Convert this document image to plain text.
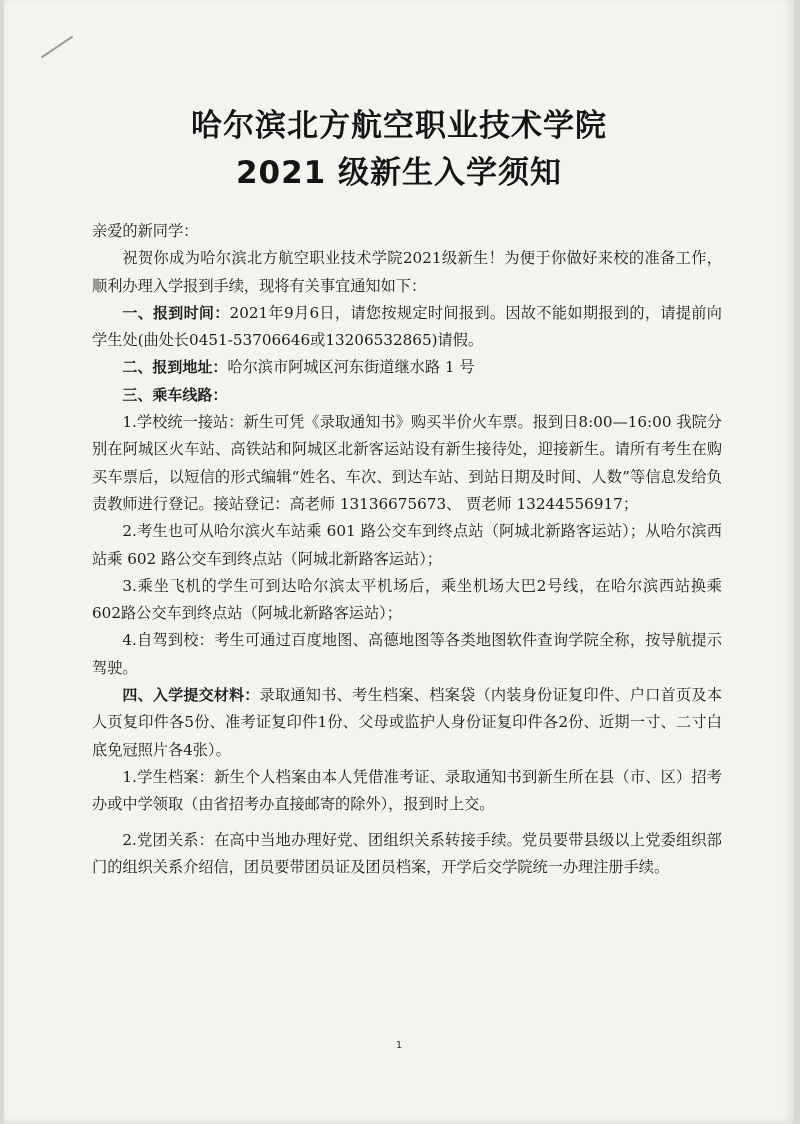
哈尔滨北方航空职业技术学院
2021 级新生入学须知

亲爱的新同学：

祝贺你成为哈尔滨北方航空职业技术学院2021级新生！为便于你做好来校的准备工作，顺利办理入学报到手续，现将有关事宜通知如下：

一、报到时间：2021年9月6日，请您按规定时间报到。因故不能如期报到的，请提前向学生处(曲处长0451-53706646或13206532865)请假。

二、报到地址：哈尔滨市阿城区河东街道继水路 1 号

三、乘车线路：

1.学校统一接站：新生可凭《录取通知书》购买半价火车票。报到日8:00—16:00 我院分别在阿城区火车站、高铁站和阿城区北新客运站设有新生接待处，迎接新生。请所有考生在购买车票后，以短信的形式编辑“姓名、车次、到达车站、到站日期及时间、人数”等信息发给负责教师进行登记。接站登记：高老师 13136675673、 贾老师 13244556917；

2.考生也可从哈尔滨火车站乘 601 路公交车到终点站（阿城北新路客运站）；从哈尔滨西站乘 602 路公交车到终点站（阿城北新路客运站）；

3.乘坐飞机的学生可到达哈尔滨太平机场后，乘坐机场大巴2号线，在哈尔滨西站换乘602路公交车到终点站（阿城北新路客运站）；

4.自驾到校：考生可通过百度地图、高德地图等各类地图软件查询学院全称，按导航提示驾驶。

四、入学提交材料：录取通知书、考生档案、档案袋（内装身份证复印件、户口首页及本人页复印件各5份、准考证复印件1份、父母或监护人身份证复印件各2份、近期一寸、二寸白底免冠照片各4张）。

1.学生档案：新生个人档案由本人凭借准考证、录取通知书到新生所在县（市、区）招考办或中学领取（由省招考办直接邮寄的除外），报到时上交。

2.党团关系：在高中当地办理好党、团组织关系转接手续。党员要带县级以上党委组织部门的组织关系介绍信，团员要带团员证及团员档案，开学后交学院统一办理注册手续。

1
